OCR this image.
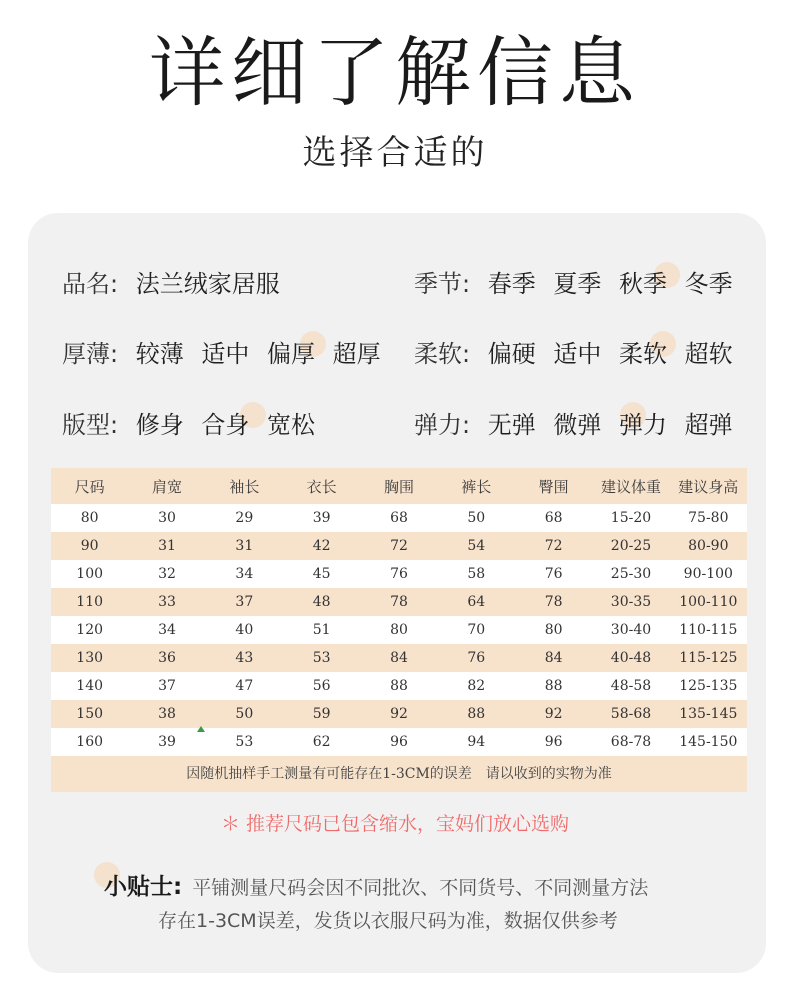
详细了解信息
选择合适的
品名: 法兰绒家居服	季节: 春季 夏季 秋季 冬季
厚薄: 较薄 适中 偏厚 超厚 柔软: 偏硬 适中 柔软 超软
版型: 修身 合身 宽松	弹力: 无弹 微弹 弹力 超弹
尺码	肩宽	袖长	衣长	胸围	裤长	臀围	建议体重	建议身高
80	30	29	39	68	50	68	15-20	75-80
90	31	31	42	72	54	72	20-25	80-90
100	32	34	45	76	58	76	25-30	90-100
110	33	37	48	78	64	78	30-35	100-110
120	34	40	51	80	70	80	30-40	110-115
130	36	43	53	84	76	84	40-48	115-125
140	37	47	56	88	82	88	48-58	125-135
150	38	50	59	92	88	92	58-68	135-145
160	39	53	62	96	94	96	68-78	145-150
因随机抽样手工测量有可能存在1-3CM的误差　请以收到的实物为准
＊ 推荐尺码已包含缩水，宝妈们放心选购
小贴士: 平铺测量尺码会因不同批次、不同货号、不同测量方法
存在1-3CM误差，发货以衣服尺码为准，数据仅供参考
